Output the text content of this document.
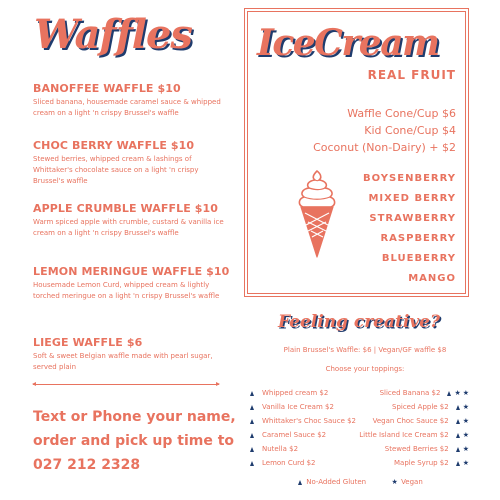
Waffles
BANOFFEE WAFFLE $10
Sliced banana, housemade caramel sauce & whipped cream on a light 'n crispy Brussel's waffle
CHOC BERRY WAFFLE $10
Stewed berries, whipped cream & lashings of Whittaker's chocolate sauce on a light 'n crispy Brussel's waffle
APPLE CRUMBLE WAFFLE $10
Warm spiced apple with crumble, custard & vanilla ice cream on a light 'n crispy Brussel's waffle
LEMON MERINGUE WAFFLE $10
Housemade Lemon Curd, whipped cream & lightly torched meringue on a light 'n crispy Brussel's waffle
LIEGE WAFFLE $6
Soft & sweet Belgian waffle made with pearl sugar, served plain
Text or Phone your name,
order and pick up time to
027 212 2328
IceCream
REAL FRUIT
Waffle Cone/Cup $6
Kid Cone/Cup $4
Coconut (Non-Dairy) + $2
BOYSENBERRY
MIXED BERRY
STRAWBERRY
RASPBERRY
BLUEBERRY
MANGO
Feeling creative?
Plain Brussel's Waffle: $6 | Vegan/GF waffle $8
Choose your toppings:
Whipped cream $2
Vanilla Ice Cream $2
Whittaker's Choc Sauce $2
Caramel Sauce $2
Nutella $2
Lemon Curd $2
Sliced Banana $2 ★ ★
Spiced Apple $2 ★
Vegan Choc Sauce $2 ★
Little Island Ice Cream $2 ★
Stewed Berries $2 ★
Maple Syrup $2 ★
No-Added Gluten	★ Vegan
